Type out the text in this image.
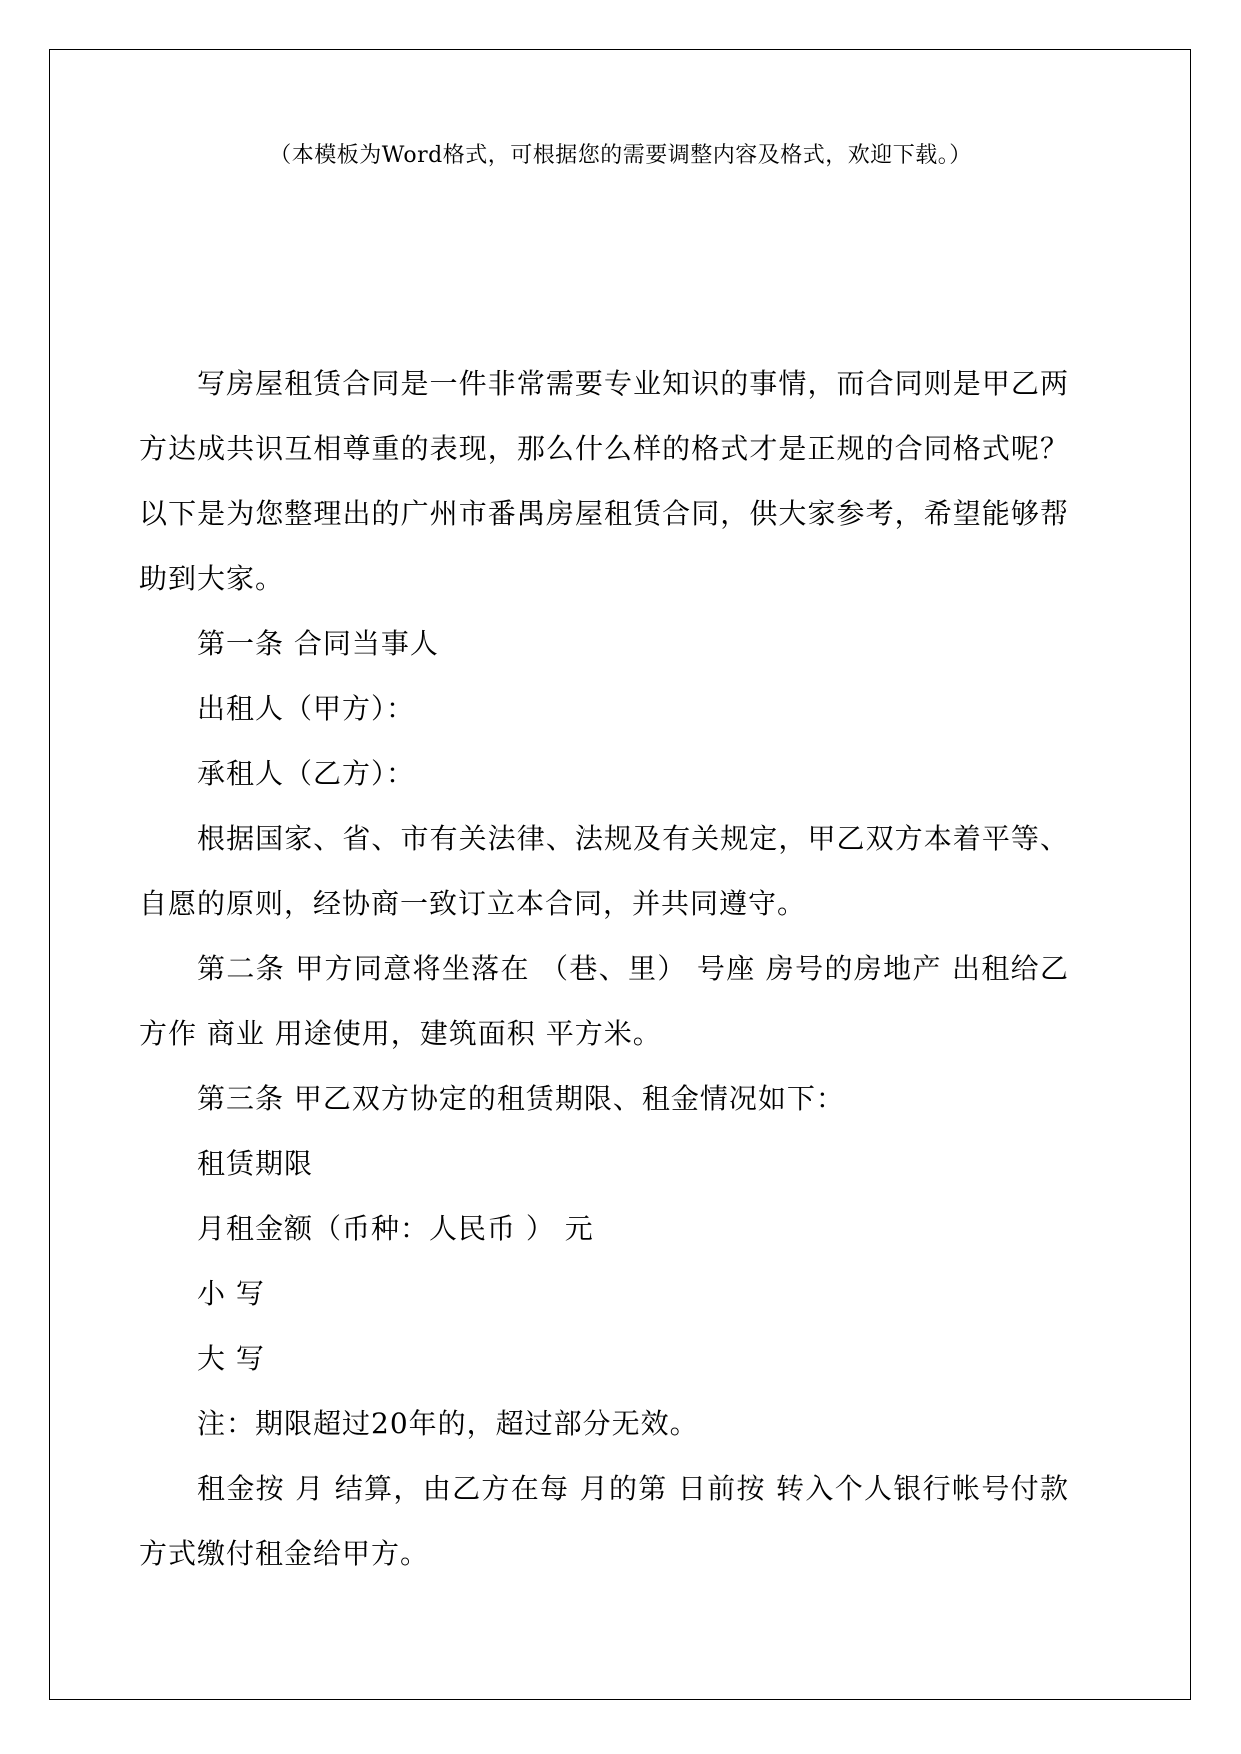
（本模板为Word格式，可根据您的需要调整内容及格式，欢迎下载。）

写房屋租赁合同是一件非常需要专业知识的事情，而合同则是甲乙两方达成共识互相尊重的表现，那么什么样的格式才是正规的合同格式呢？以下是为您整理出的广州市番禺房屋租赁合同，供大家参考，希望能够帮助到大家。

第一条 合同当事人

出租人（甲方）：

承租人（乙方）：

根据国家、省、市有关法律、法规及有关规定，甲乙双方本着平等、自愿的原则，经协商一致订立本合同，并共同遵守。

第二条 甲方同意将坐落在 （巷、里） 号座 房号的房地产 出租给乙方作 商业 用途使用，建筑面积 平方米。

第三条 甲乙双方协定的租赁期限、租金情况如下：

租赁期限

月租金额（币种：人民币 ） 元

小 写

大 写

注：期限超过20年的，超过部分无效。

租金按 月 结算，由乙方在每 月的第 日前按 转入个人银行帐号付款方式缴付租金给甲方。
